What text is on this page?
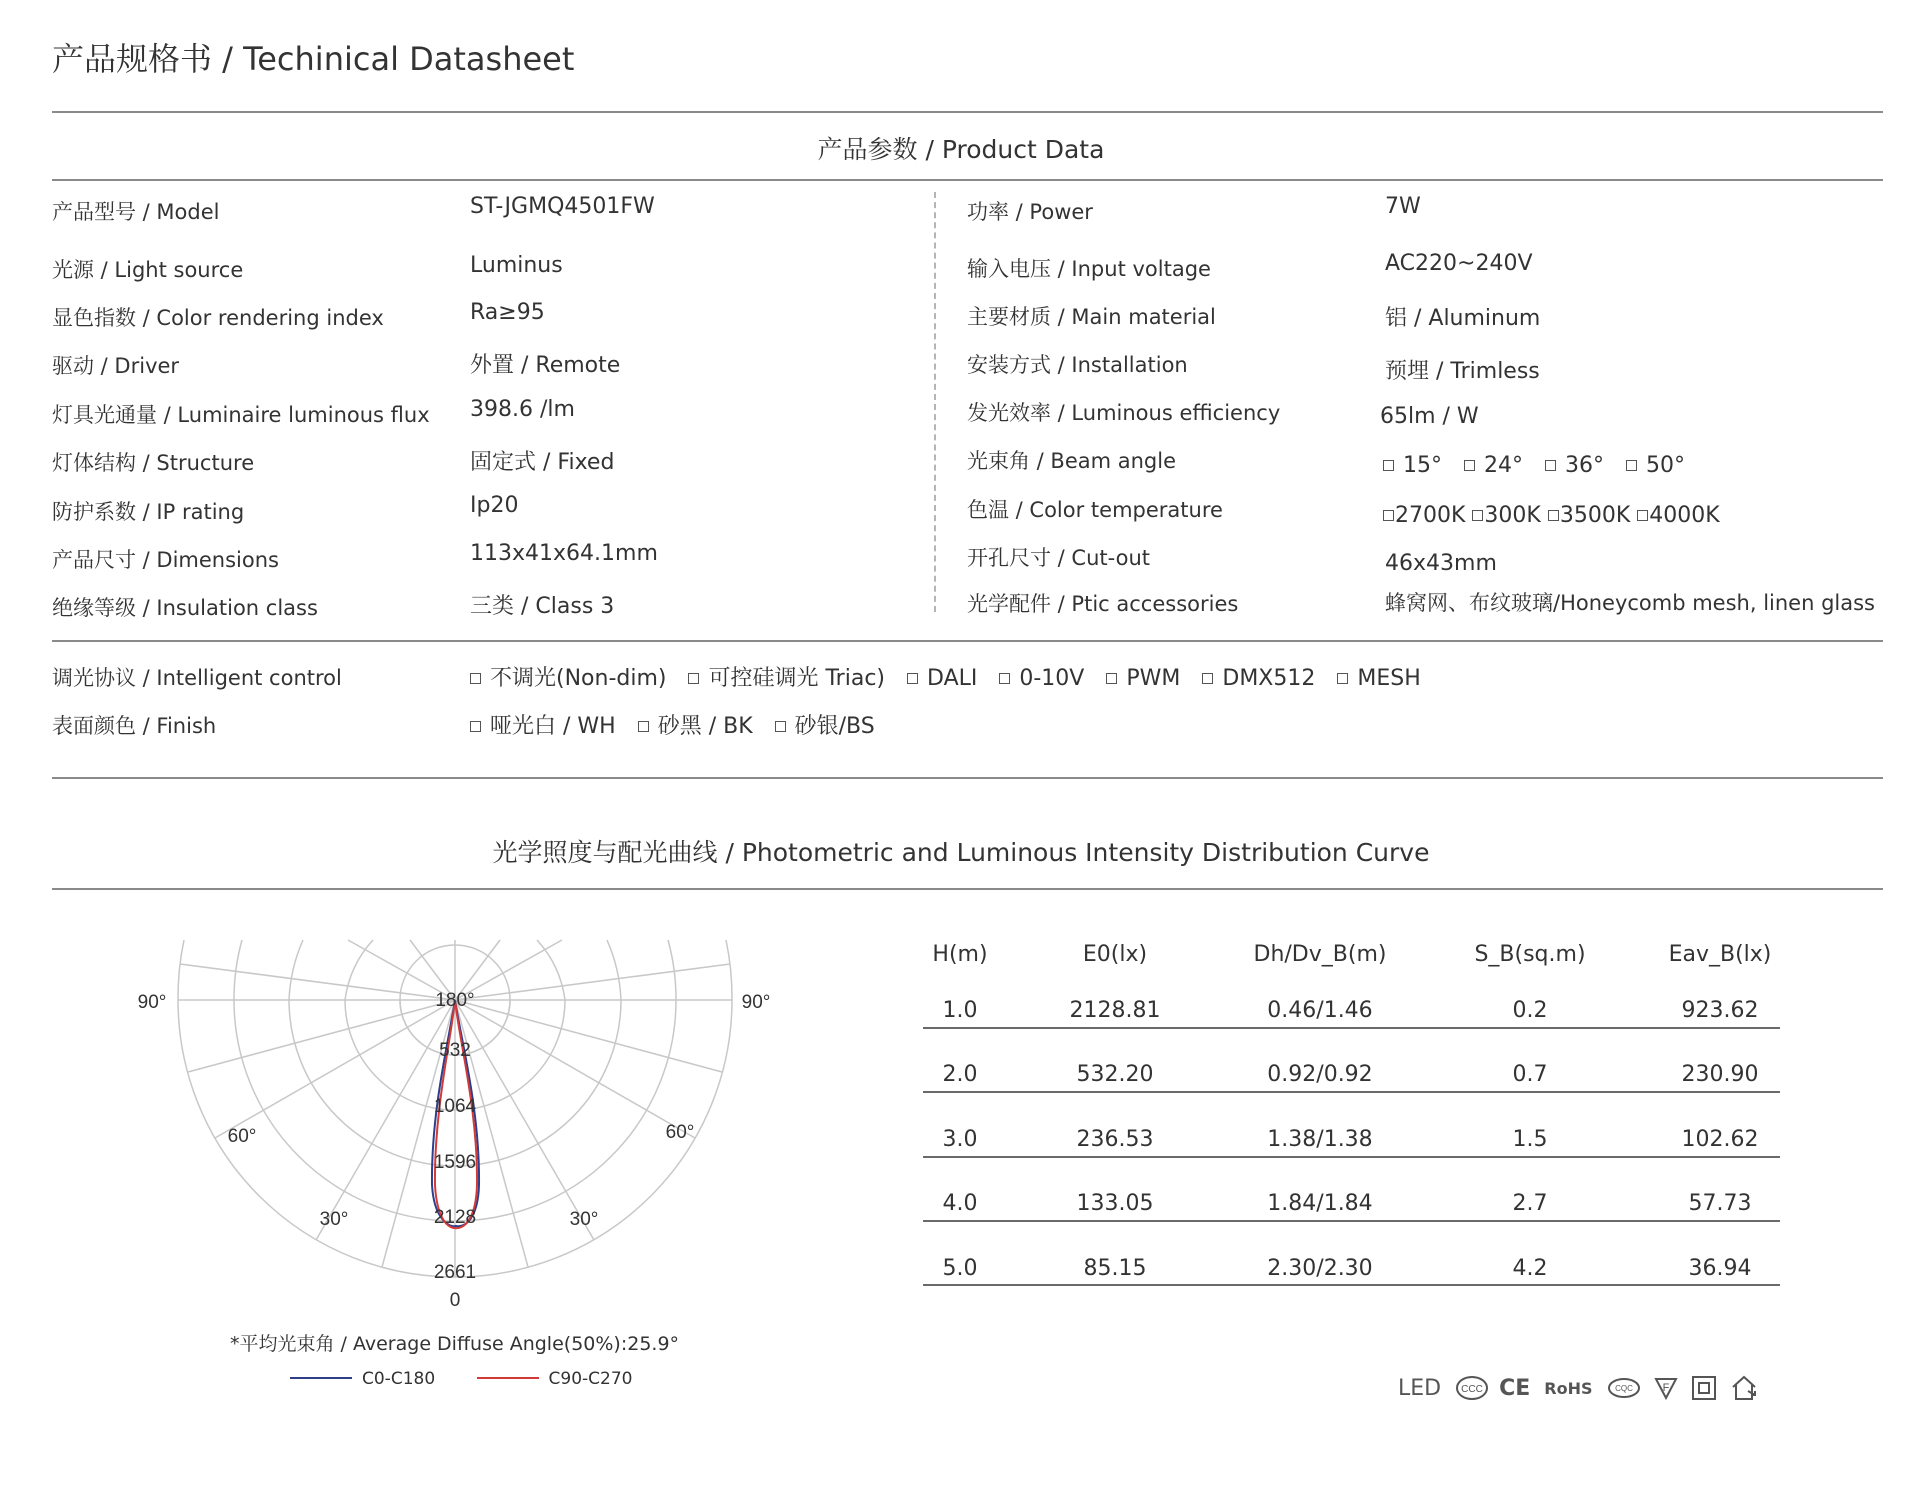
产品规格书 / Techinical Datasheet
产品参数 / Product Data
产品型号 / Model	ST-JGMQ4501FW
光源 / Light source	Luminus
显色指数 / Color rendering index	Ra≥95
驱动 / Driver	外置 / Remote
灯具光通量 / Luminaire luminous flux 398.6 /lm
灯体结构 / Structure	固定式 / Fixed
防护系数 / IP rating	Ip20
产品尺寸 / Dimensions	113x41x64.1mm
绝缘等级 / Insulation class	三类 / Class 3
功率 / Power	7W
输入电压 / Input voltage	AC220~240V
主要材质 / Main material	铝 / Aluminum
安装方式 / Installation	预埋 / Trimless
发光效率 / Luminous efficiency	65lm / W
光束角 / Beam angle	15° 24° 36° 50°
色温 / Color temperature	2700K 300K 3500K 4000K
开孔尺寸 / Cut-out	46x43mm
光学配件 / Ptic accessories	蜂窝网、布纹玻璃/Honeycomb mesh, linen glass
调光协议 / Intelligent control	不调光(Non-dim) 可控硅调光 Triac) DALI 0-10V PWM DMX512 MESH
表面颜色 / Finish	哑光白 / WH 砂黑 / BK 砂银/BS
光学照度与配光曲线 / Photometric and Luminous Intensity Distribution Curve
180°
90°	90°
60°	60°
30°	30°
0
532
1064
1596
2128
2661
*平均光束角 / Average Diffuse Angle(50%):25.9°
C0-C180	C90-C270
H(m)	E0(lx)	Dh/Dv_B(m)	S_B(sq.m)	Eav_B(lx)
1.0	2128.81	0.46/1.46	0.2	923.62
2.0	532.20	0.92/0.92	0.7	230.90
3.0	236.53	1.38/1.38	1.5	102.62
4.0	133.05	1.84/1.84	2.7	57.73
5.0	85.15	2.30/2.30	4.2	36.94
LED CCC CE RoHS	CQC	F
